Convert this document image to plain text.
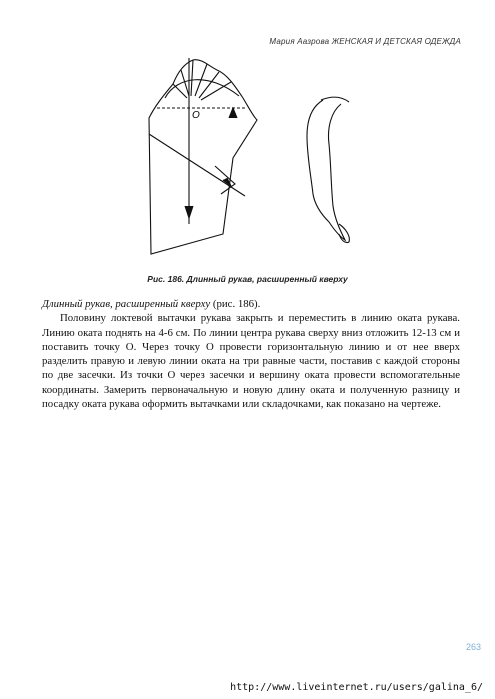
Мария Аазрова ЖЕНСКАЯ И ДЕТСКАЯ ОДЕЖДА
O
Рис. 186. Длинный рукав, расширенный кверху

Длинный рукав, расширенный кверху (рис. 186).

Половину локтевой вытачки рукава закрыть и переместить в линию оката рукава. Линию оката поднять на 4-6 см. По линии центра рукава сверху вниз отложить 12-13 см и поставить точку О. Через точку О провести горизонтальную линию и от нее вверх разделить правую и левую линии оката на три равные части, поставив с каждой стороны по две засечки. Из точки О через засечки и вершину оката провести вспомогательные координаты. Замерить первоначальную и новую длину оката и полученную разницу и посадку оката рукава оформить вытачками или складочками, как показано на чертеже.

263
http://www.liveinternet.ru/users/galina_6/
